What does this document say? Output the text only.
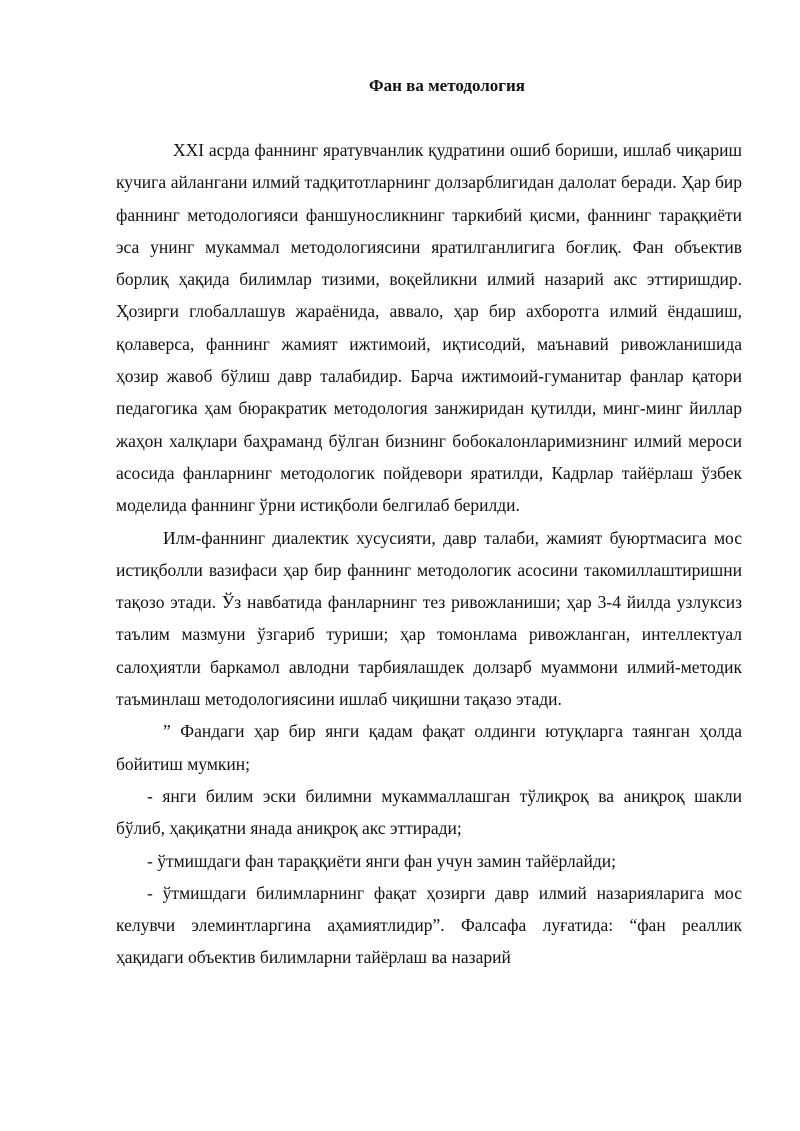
Фан ва методология

XXI асрда фаннинг яратувчанлик қудратини ошиб бориши, ишлаб чиқариш кучига айлангани илмий тадқитотларнинг долзарблигидан далолат беради. Ҳар бир фаннинг методологияси фаншуносликнинг таркибий қисми, фаннинг тараққиёти эса унинг мукаммал методологиясини яратилганлигига боғлиқ. Фан объектив борлиқ ҳақида билимлар тизими, воқейликни илмий назарий акс эттиришдир. Ҳозирги глобаллашув жараёнида, аввало, ҳар бир ахборотга илмий ёндашиш, қолаверса, фаннинг жамият ижтимоий, иқтисодий, маънавий ривожланишида ҳозир жавоб бўлиш давр талабидир. Барча ижтимоий-гуманитар фанлар қатори педагогика ҳам бюракратик методология занжиридан қутилди, минг-минг йиллар жаҳон халқлари баҳраманд бўлган бизнинг бобокалонларимизнинг илмий мероси асосида фанларнинг методологик пойдевори яратилди, Кадрлар тайёрлаш ўзбек моделида фаннинг ўрни истиқболи белгилаб берилди.

Илм-фаннинг диалектик хусусияти, давр талаби, жамият буюртмасига мос истиқболли вазифаси ҳар бир фаннинг методологик асосини такомиллаштиришни тақозо этади. Ўз навбатида фанларнинг тез ривожланиши; ҳар 3-4 йилда узлуксиз таълим мазмуни ўзгариб туриши; ҳар томонлама ривожланган, интеллектуал салоҳиятли баркамол авлодни тарбиялашдек долзарб муаммони илмий-методик таъминлаш методологиясини ишлаб чиқишни тақазо этади.

” Фандаги ҳар бир янги қадам фақат олдинги ютуқларга таянган ҳолда бойитиш мумкин;

- янги билим эски билимни мукаммаллашган тўлиқроқ ва аниқроқ шакли бўлиб, ҳақиқатни янада аниқроқ акс эттиради;

- ўтмишдаги фан тараққиёти янги фан учун замин тайёрлайди;

- ўтмишдаги билимларнинг фақат ҳозирги давр илмий назарияларига мос келувчи элеминтларгина аҳамиятлидир”. Фалсафа луғатида: “фан реаллик ҳақидаги объектив билимларни тайёрлаш ва назарий
